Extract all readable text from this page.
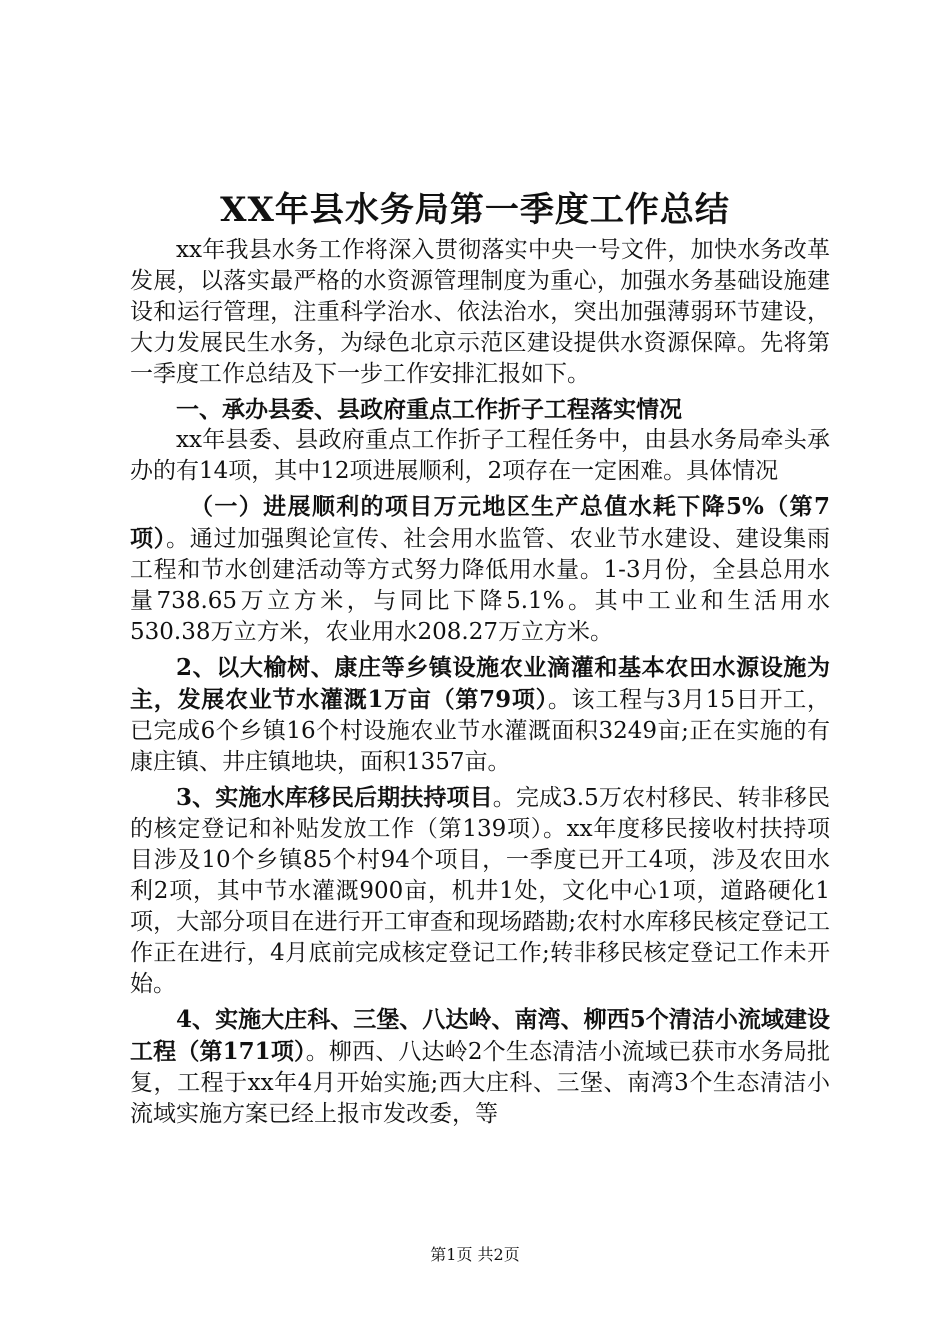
XX年县水务局第一季度工作总结

xx年我县水务工作将深入贯彻落实中央一号文件，加快水务改革发展，以落实最严格的水资源管理制度为重心，加强水务基础设施建设和运行管理，注重科学治水、依法治水，突出加强薄弱环节建设，大力发展民生水务，为绿色北京示范区建设提供水资源保障。先将第一季度工作总结及下一步工作安排汇报如下。

一、承办县委、县政府重点工作折子工程落实情况

xx年县委、县政府重点工作折子工程任务中，由县水务局牵头承办的有14项，其中12项进展顺利，2项存在一定困难。具体情况

（一）进展顺利的项目万元地区生产总值水耗下降5%（第7项）。通过加强舆论宣传、社会用水监管、农业节水建设、建设集雨工程和节水创建活动等方式努力降低用水量。1-3月份，全县总用水量738.65万立方米，与同比下降5.1%。其中工业和生活用水530.38万立方米，农业用水208.27万立方米。

2、以大榆树、康庄等乡镇设施农业滴灌和基本农田水源设施为主，发展农业节水灌溉1万亩（第79项）。该工程与3月15日开工，已完成6个乡镇16个村设施农业节水灌溉面积3249亩;正在实施的有康庄镇、井庄镇地块，面积1357亩。

3、实施水库移民后期扶持项目。完成3.5万农村移民、转非移民的核定登记和补贴发放工作（第139项）。xx年度移民接收村扶持项目涉及10个乡镇85个村94个项目，一季度已开工4项，涉及农田水利2项，其中节水灌溉900亩，机井1处，文化中心1项，道路硬化1项，大部分项目在进行开工审查和现场踏勘;农村水库移民核定登记工作正在进行，4月底前完成核定登记工作;转非移民核定登记工作未开始。

4、实施大庄科、三堡、八达岭、南湾、柳西5个清洁小流域建设工程（第171项）。柳西、八达岭2个生态清洁小流域已获市水务局批复，工程于xx年4月开始实施;西大庄科、三堡、南湾3个生态清洁小流域实施方案已经上报市发改委，等

第1页 共2页
